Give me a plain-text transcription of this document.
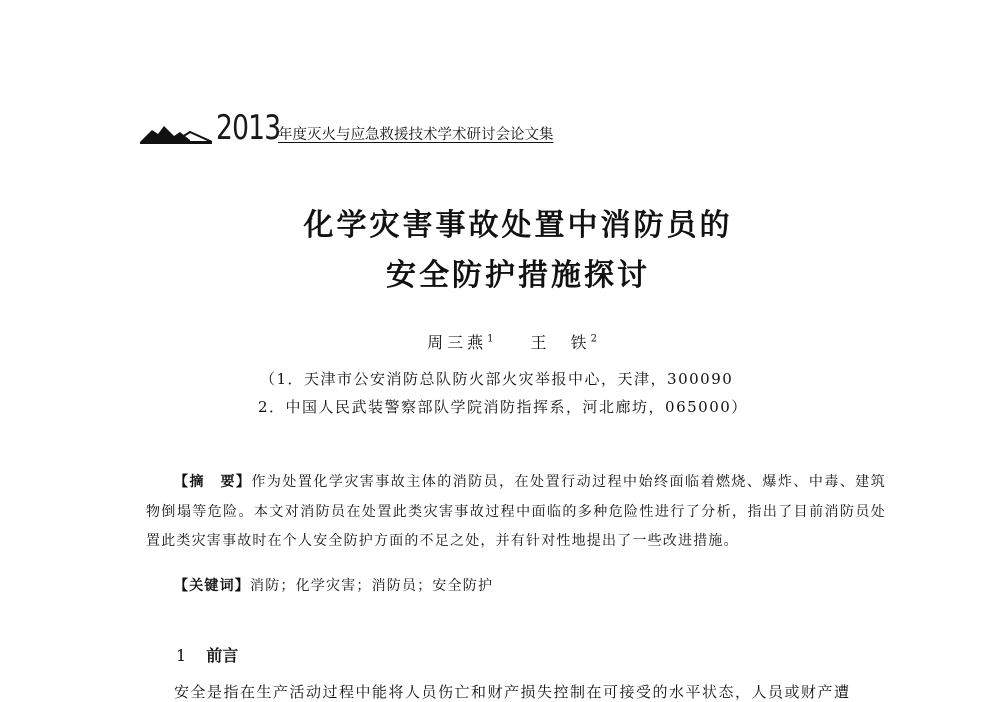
2013
年度灭火与应急救援技术学术研讨会论文集
化学灾害事故处置中消防员的
安全防护措施探讨
周三燕$^1$ 王　铁$^2$
（1．天津市公安消防总队防火部火灾举报中心，天津，300090
2．中国人民武装警察部队学院消防指挥系，河北廊坊，065000）
【摘　要】作为处置化学灾害事故主体的消防员，在处置行动过程中始终面临着燃烧、爆炸、中毒、建筑物倒塌等危险。本文对消防员在处置此类灾害事故过程中面临的多种危险性进行了分析，指出了目前消防员处置此类灾害事故时在个人安全防护方面的不足之处，并有针对性地提出了一些改进措施。
【关键词】消防；化学灾害；消防员；安全防护
1 前言
安全是指在生产活动过程中能将人员伤亡和财产损失控制在可接受的水平状态，人员或财产遭
